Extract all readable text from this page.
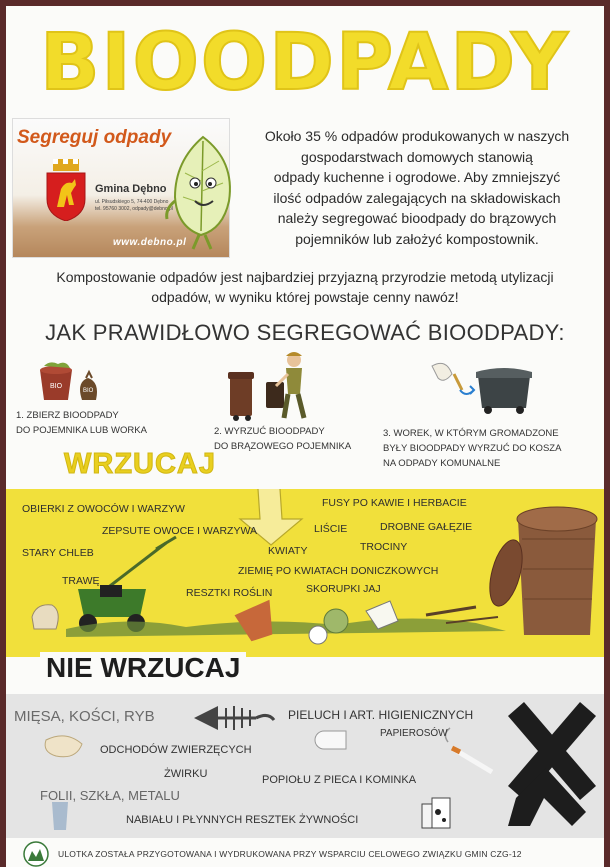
BIOODPADY
Segreguj odpady
Gmina Dębno
ul. Piłsudskiego 5, 74-400 Dębno
tel. 95760 3002, odpady@debno.pl
www.debno.pl
Około 35 % odpadów produkowanych w naszych
gospodarstwach domowych stanowią
odpady kuchenne i ogrodowe. Aby zmniejszyć
ilość odpadów zalegających na składowiskach
należy segregować bioodpady do brązowych
pojemników lub założyć kompostownik.
Kompostowanie odpadów jest najbardziej przyjazną przyrodzie metodą utylizacji
odpadów, w wyniku której powstaje cenny nawóz!
JAK PRAWIDŁOWO SEGREGOWAĆ BIOODPADY:
BIO
BIO
1. ZBIERZ BIOODPADY
DO POJEMNIKA LUB WORKA	2. WYRZUĆ BIOODPADY
DO BRĄZOWEGO POJEMNIKA
3. WOREK, W KTÓRYM GROMADZONE
BYŁY BIOODPADY WYRZUĆ DO KOSZA
NA ODPADY KOMUNALNE
WRZUCAJ
OBIERKI Z OWOCÓW I WARZYW	FUSY PO KAWIE I HERBACIE
ZEPSUTE OWOCE I WARZYWA	LIŚCIE	DROBNE GAŁĘZIE
STARY CHLEB	KWIATY	TROCINY
ZIEMIĘ PO KWIATACH DONICZKOWYCH
TRAWĘ
RESZTKI ROŚLIN	SKORUPKI JAJ
MIĘSA, KOŚCI, RYB	PIELUCH I ART. HIGIENICZNYCH
PAPIEROSÓW
ODCHODÓW ZWIERZĘCYCH
ŻWIRKU	POPIOŁU Z PIECA I KOMINKA
FOLII, SZKŁA, METALU
NABIAŁU I PŁYNNYCH RESZTEK ŻYWNOŚCI
NIE WRZUCAJ
ULOTKA ZOSTAŁA PRZYGOTOWANA I WYDRUKOWANA PRZY WSPARCIU CELOWEGO ZWIĄZKU GMIN CZG-12
